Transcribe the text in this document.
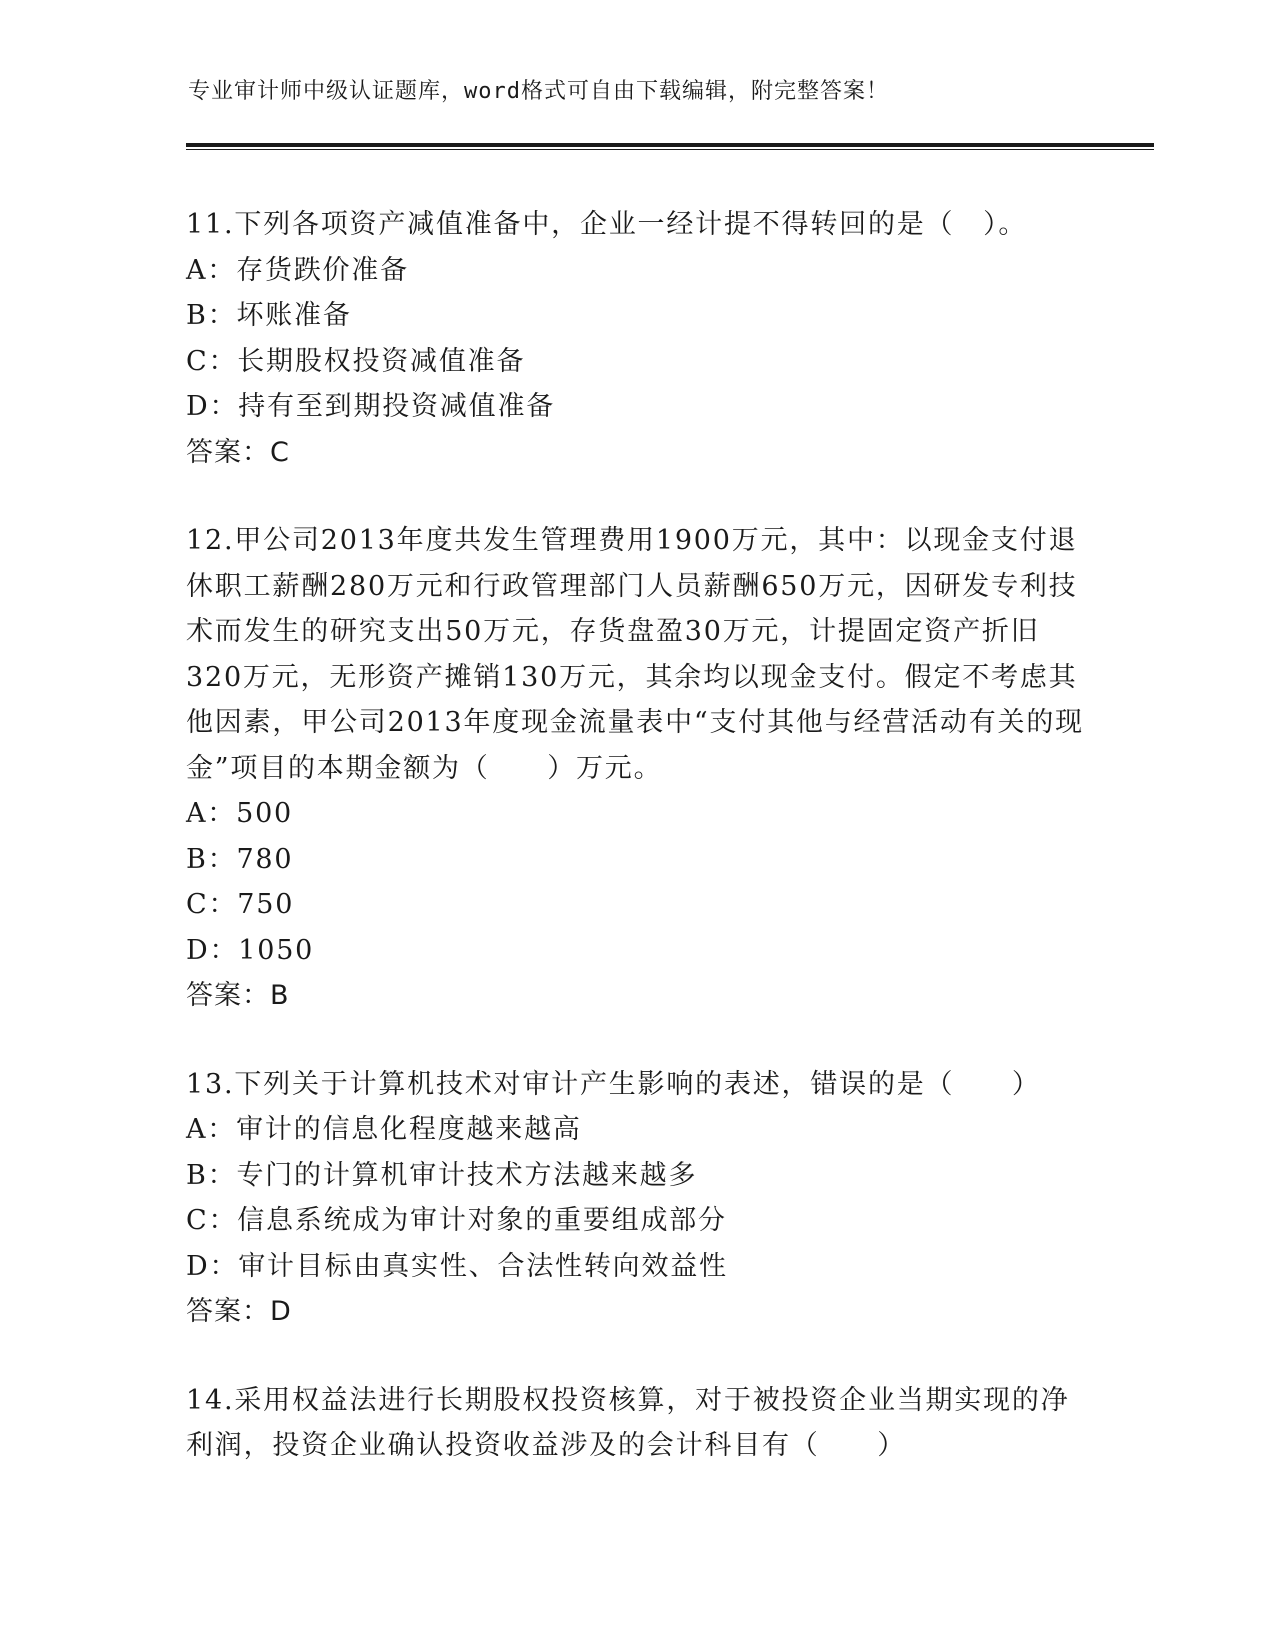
专业审计师中级认证题库，word格式可自由下载编辑，附完整答案！

11.下列各项资产减值准备中，企业一经计提不得转回的是（　）。

A：存货跌价准备

B：坏账准备

C：长期股权投资减值准备

D：持有至到期投资减值准备

答案：C

12.甲公司2013年度共发生管理费用1900万元，其中：以现金支付退休职工薪酬280万元和行政管理部门人员薪酬650万元，因研发专利技术而发生的研究支出50万元，存货盘盈30万元，计提固定资产折旧320万元，无形资产摊销130万元，其余均以现金支付。假定不考虑其他因素，甲公司2013年度现金流量表中“支付其他与经营活动有关的现金”项目的本期金额为（　　）万元。

A：500

B：780

C：750

D：1050

答案：B

13.下列关于计算机技术对审计产生影响的表述，错误的是（　　）

A：审计的信息化程度越来越高

B：专门的计算机审计技术方法越来越多

C：信息系统成为审计对象的重要组成部分

D：审计目标由真实性、合法性转向效益性

答案：D

14.采用权益法进行长期股权投资核算，对于被投资企业当期实现的净利润，投资企业确认投资收益涉及的会计科目有（　　）
